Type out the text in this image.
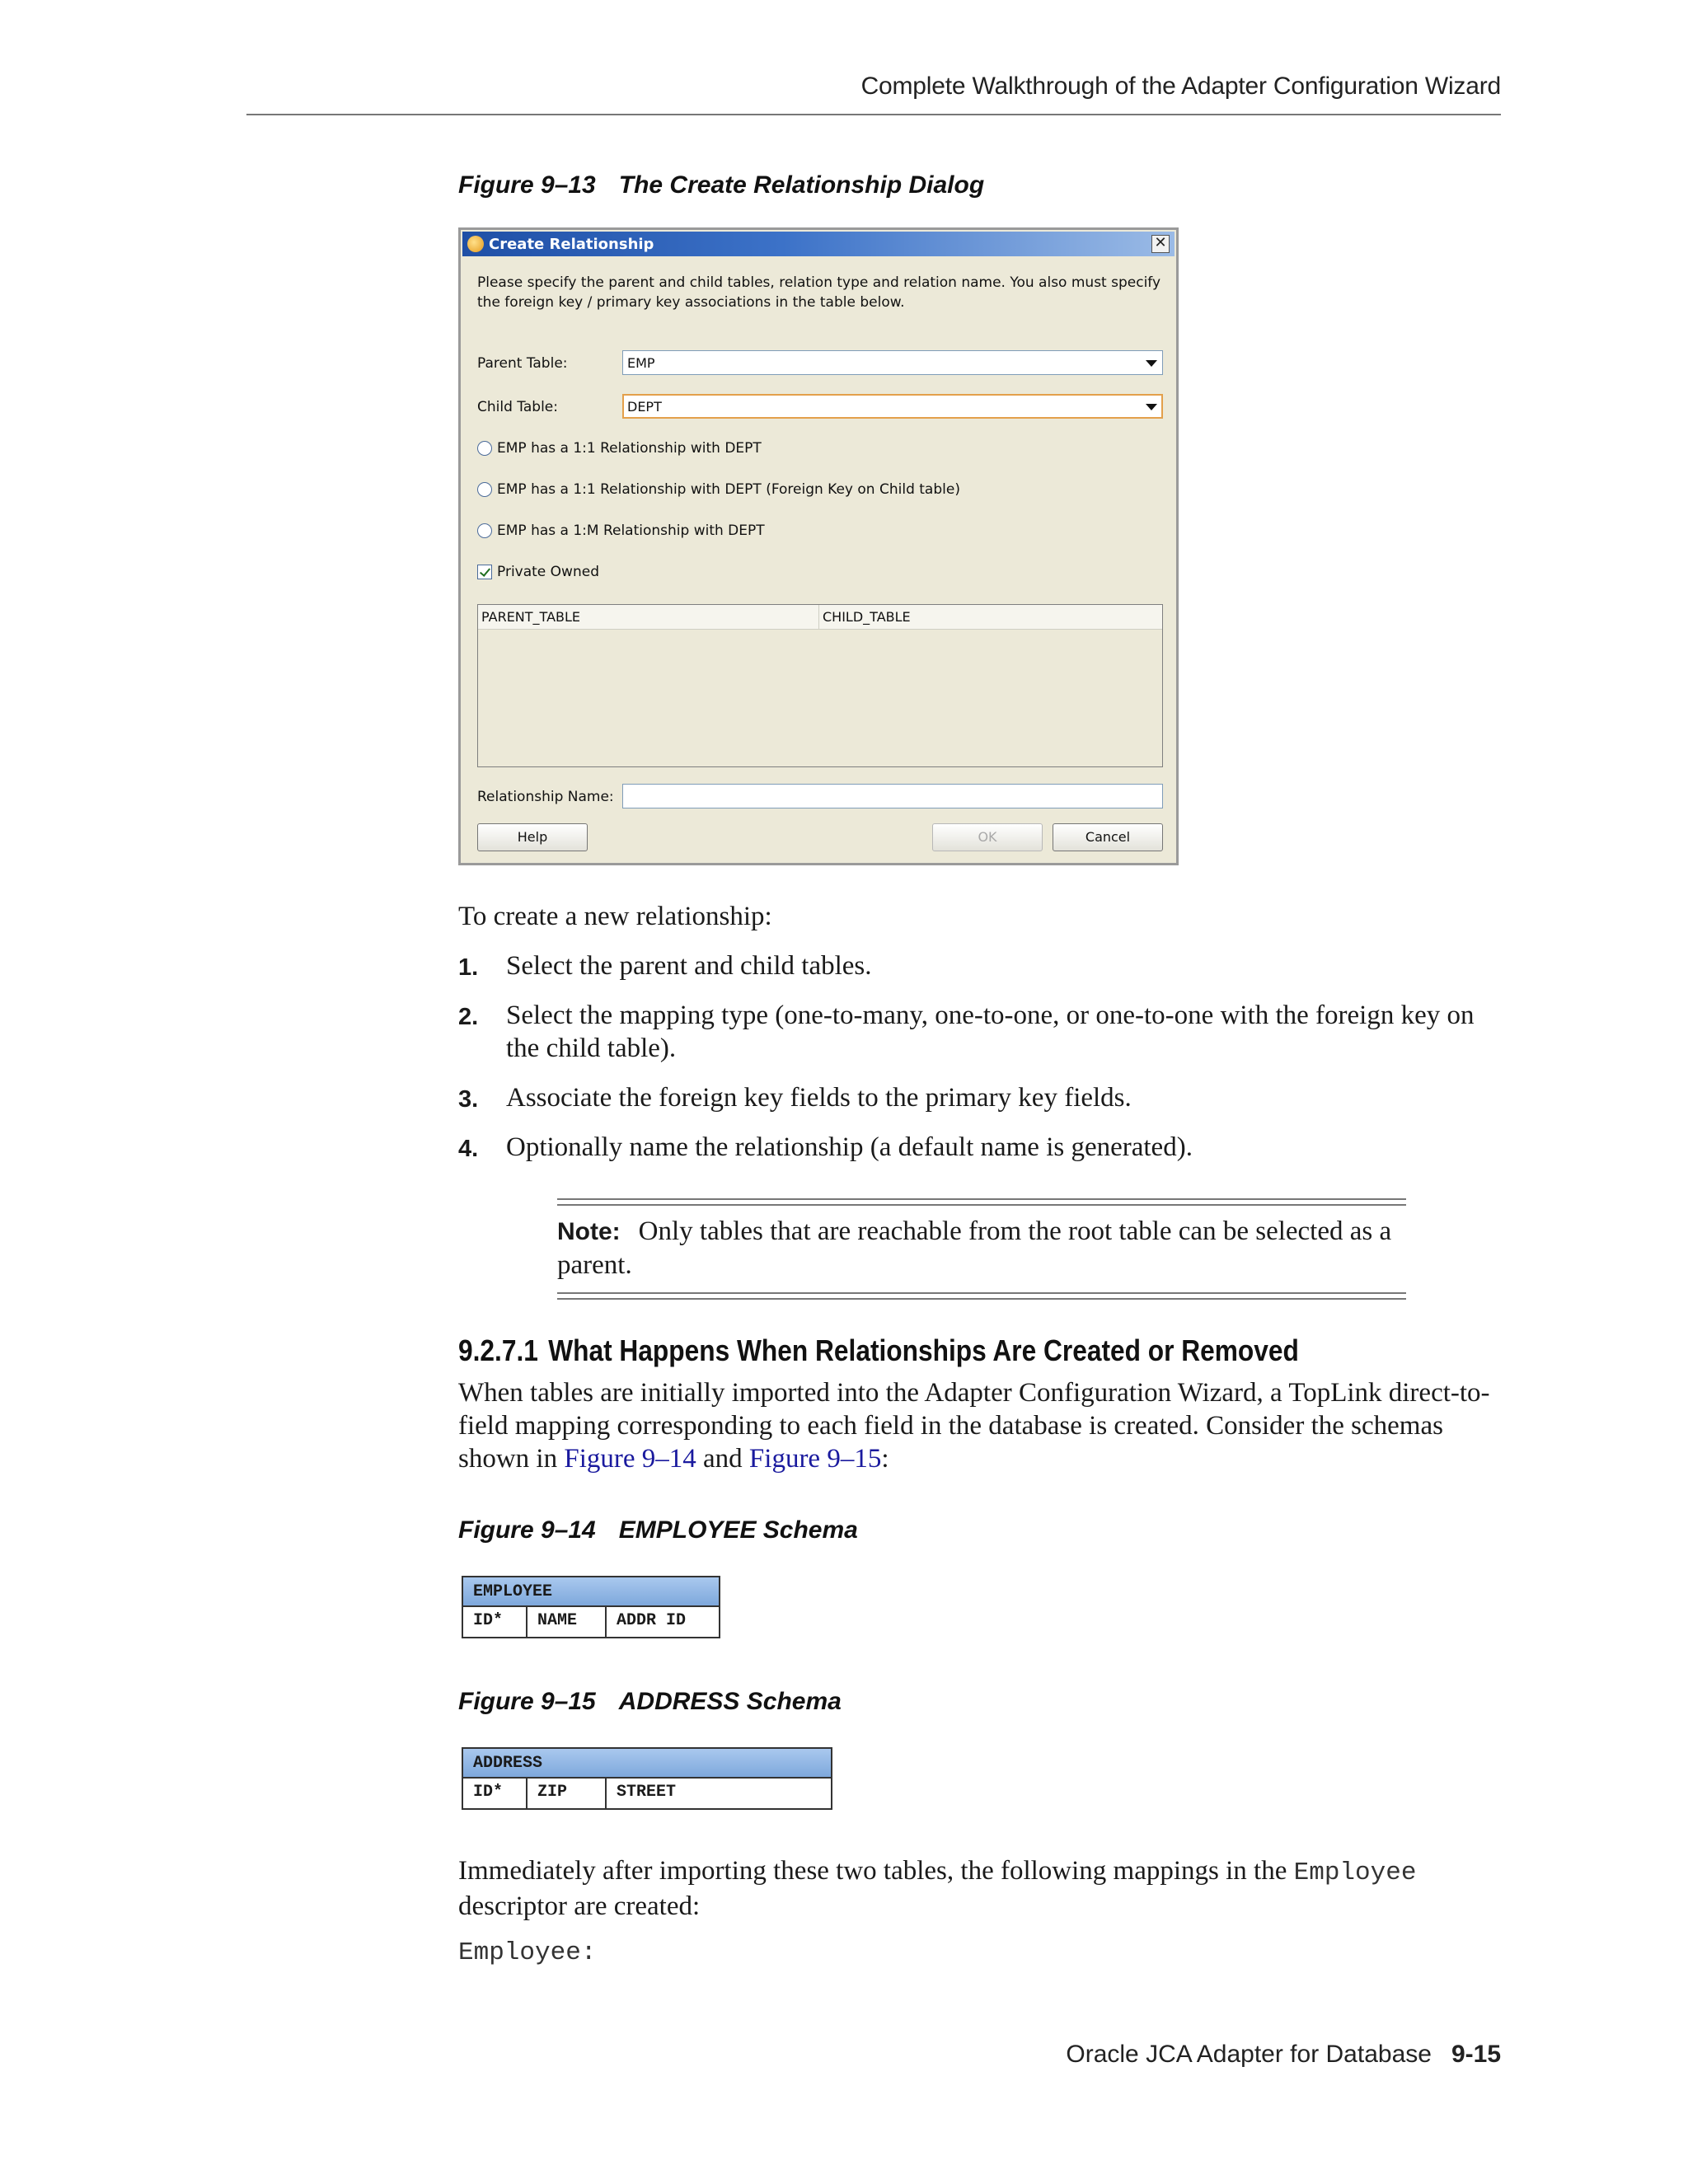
Complete Walkthrough of the Adapter Configuration Wizard
Figure 9–13 The Create Relationship Dialog
Create Relationship	✕
Please specify the parent and child tables, relation type and relation name. You also must specify the foreign key / primary key associations in the table below.
Parent Table:	EMP
Child Table:	DEPT
EMP has a 1:1 Relationship with DEPT
EMP has a 1:1 Relationship with DEPT (Foreign Key on Child table)
EMP has a 1:M Relationship with DEPT
Private Owned
PARENT_TABLE	CHILD_TABLE
Relationship Name:
Help	OK	Cancel
To create a new relationship:
1. Select the parent and child tables.
2. Select the mapping type (one-to-many, one-to-one, or one-to-one with the foreign key on the child table).
3. Associate the foreign key fields to the primary key fields.
4. Optionally name the relationship (a default name is generated).
Note: Only tables that are reachable from the root table can be selected as a parent.
9.2.7.1 What Happens When Relationships Are Created or Removed
When tables are initially imported into the Adapter Configuration Wizard, a TopLink direct-to-field mapping corresponding to each field in the database is created. Consider the schemas shown in Figure 9–14 and Figure 9–15:
Figure 9–14 EMPLOYEE Schema
EMPLOYEE
ID*	NAME	ADDR ID
Figure 9–15 ADDRESS Schema
ADDRESS
ID*	ZIP	STREET
Immediately after importing these two tables, the following mappings in the Employee descriptor are created:
Employee:
Oracle JCA Adapter for Database 9-15
